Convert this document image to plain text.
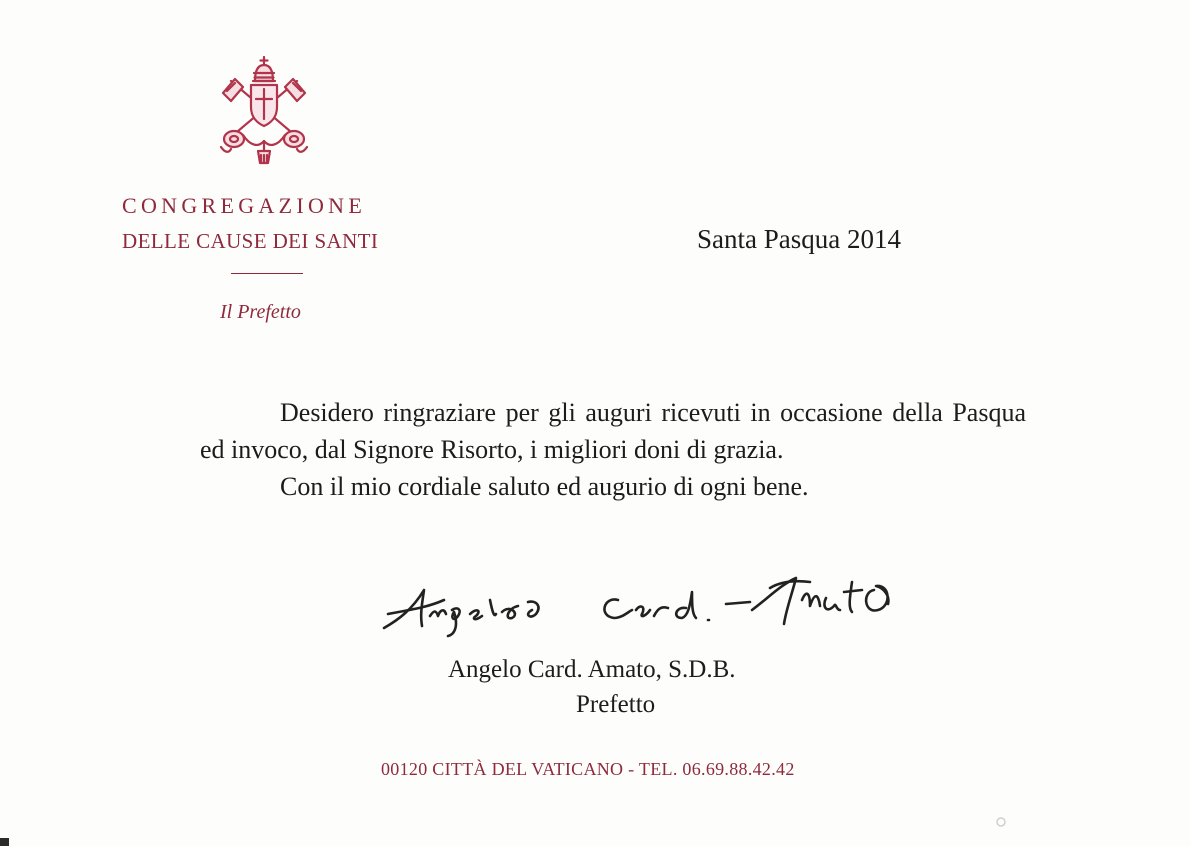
CONGREGAZIONE
DELLE CAUSE DEI SANTI
Il Prefetto
Santa Pasqua 2014

Desidero ringraziare per gli auguri ricevuti in occasione della Pasqua ed invoco, dal Signore Risorto, i migliori doni di grazia.

Con il mio cordiale saluto ed augurio di ogni bene.

Angelo Card. Amato, S.D.B.
Prefetto
00120 CITTÀ DEL VATICANO - TEL. 06.69.88.42.42
